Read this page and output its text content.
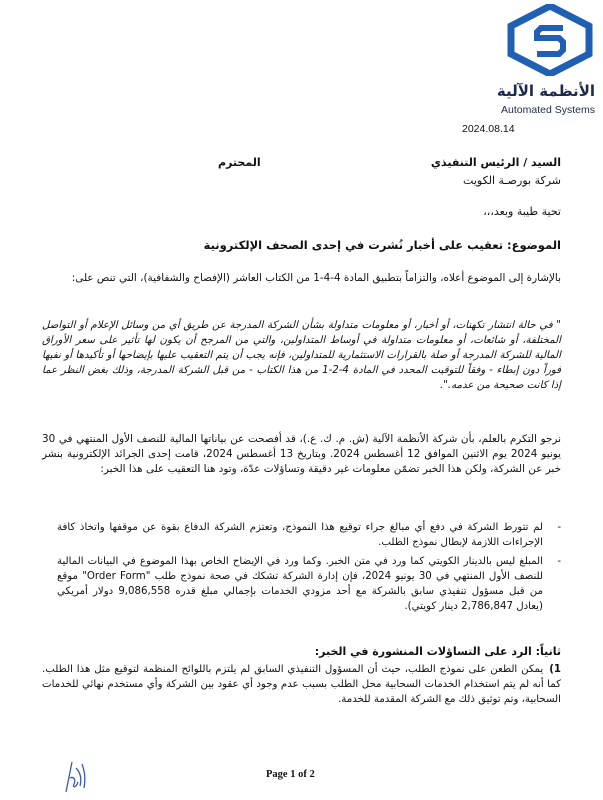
الأنظمة الآلية
Automated Systems
2024.08.14
السيد / الرئيس التنفيذي
المحترم
شركة بورصـة الكويت
تحية طيبة وبعد،،،
الموضوع: تعقيب على أخبار نُشرت في إحدى الصحف الإلكترونية
بالإشارة إلى الموضوع أعلاه، والتزاماً بتطبيق المادة 4-4-1 من الكتاب العاشر (الإفصاح والشفافية)، التي تنص على:
" في حالة انتشار تكهنات، أو أخبار، أو معلومات متداولة بشأن الشركة المدرجة عن طريق أي من وسائل الإعلام أو التواصل المختلفة، أو شائعات، أو معلومات متداولة في أوساط المتداولين، والتي من المرجح أن يكون لها تأثير على سعر الأوراق المالية للشركة المدرجة أو صلة بالقرارات الاستثمارية للمتداولين، فإنه يجب أن يتم التعقيب عليها بإيضاحها أو تأكيدها أو نفيها فوراً دون إبطاء - وفقاً للتوقيت المحدد في المادة 4-2-1 من هذا الكتاب - من قبل الشركة المدرجة، وذلك بغض النظر عما إذا كانت صحيحة من عدمه.".
نرجو التكرم بالعلم، بأن شركة الأنظمة الآلية (ش. م. ك. ع.)، قد أفصحت عن بياناتها المالية للنصف الأول المنتهي في 30 يونيو 2024 يوم الاثنين الموافق 12 أغسطس 2024. وبتاريخ 13 أغسطس 2024، قامت إحدى الجرائد الإلكترونية بنشر خبر عن الشركة، ولكن هذا الخبر تضمّن معلومات غير دقيقة وتساؤلات عدّة، وتود هنا التعقيب على هذا الخبر:
-
لم تتورط الشركة في دفع أي مبالغ جراء توقيع هذا النموذج، وتعتزم الشركة الدفاع بقوة عن موقفها واتخاذ كافة الإجراءات اللازمة لإبطال نموذج الطلب.
-
المبلغ ليس بالدينار الكويتي كما ورد في متن الخبر. وكما ورد في الإيضاح الخاص بهذا الموضوع في البيانات المالية للنصف الأول المنتهي في 30 يونيو 2024، فإن إدارة الشركة تشكك في صحة نموذج طلب "Order Form" موقع من قبل مسؤول تنفيذي سابق بالشركة مع أحد مزودي الخدمات بإجمالي مبلغ قدره 9,086,558 دولار أمريكي (يعادل 2,786,847 دينار كويتي).
ثانياً: الرد على التساؤلات المنشورة في الخبر:
1)يمكن الطعن على نموذج الطلب، حيث أن المسؤول التنفيذي السابق لم يلتزم باللوائح المنظمة لتوقيع مثل هذا الطلب. كما أنه لم يتم استخدام الخدمات السحابية محل الطلب بسبب عدم وجود أي عقود بين الشركة وأي مستخدم نهائي للخدمات السحابية، وتم توثيق ذلك مع الشركة المقدمة للخدمة.
Page 1 of 2
